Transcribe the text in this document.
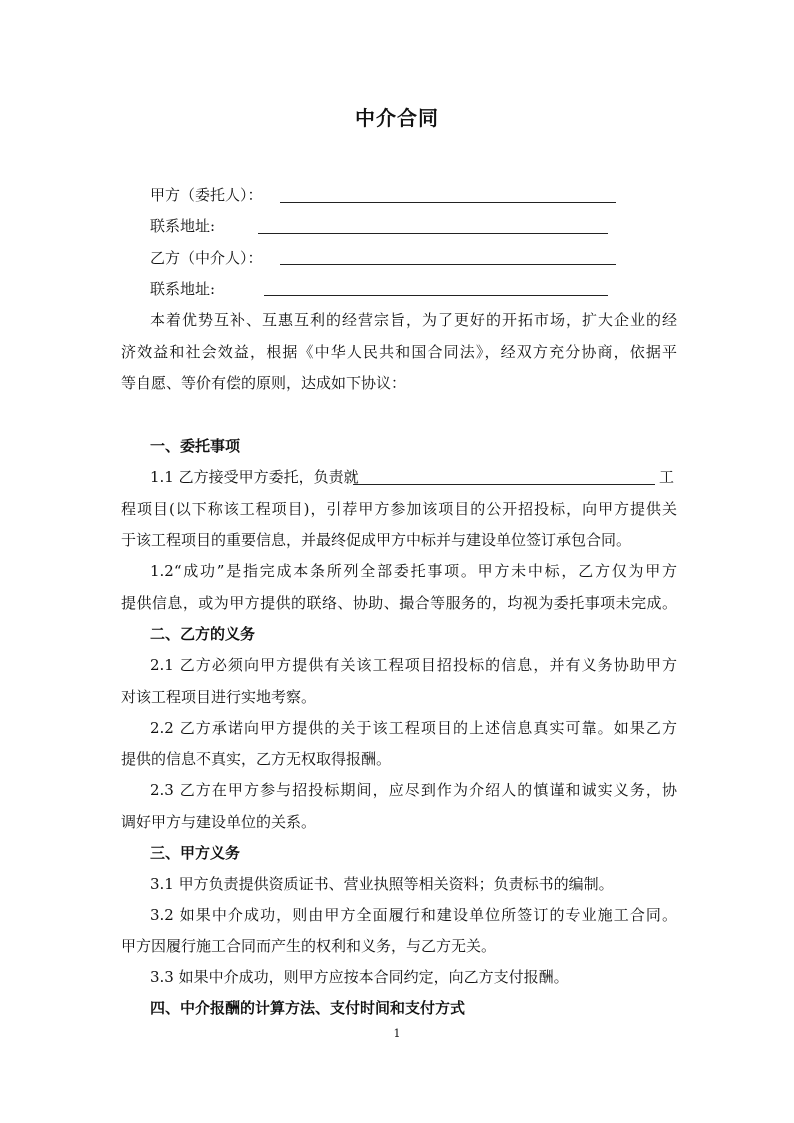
中介合同
甲方（委托人）：
联系地址:
乙方（中介人）：
联系地址:
本着优势互补、互惠互利的经营宗旨，为了更好的开拓市场，扩大企业的经
济效益和社会效益，根据《中华人民共和国合同法》，经双方充分协商，依据平
等自愿、等价有偿的原则，达成如下协议：
一、委托事项
1.1 乙方接受甲方委托，负责就	工
程项目(以下称该工程项目)，引荐甲方参加该项目的公开招投标，向甲方提供关
于该工程项目的重要信息，并最终促成甲方中标并与建设单位签订承包合同。
1.2“成功”是指完成本条所列全部委托事项。甲方未中标，乙方仅为甲方
提供信息，或为甲方提供的联络、协助、撮合等服务的，均视为委托事项未完成。
二、乙方的义务
2.1 乙方必须向甲方提供有关该工程项目招投标的信息，并有义务协助甲方
对该工程项目进行实地考察。
2.2 乙方承诺向甲方提供的关于该工程项目的上述信息真实可靠。如果乙方
提供的信息不真实，乙方无权取得报酬。
2.3 乙方在甲方参与招投标期间，应尽到作为介绍人的慎谨和诚实义务，协
调好甲方与建设单位的关系。
三、甲方义务
3.1 甲方负责提供资质证书、营业执照等相关资料；负责标书的编制。
3.2 如果中介成功，则由甲方全面履行和建设单位所签订的专业施工合同。
甲方因履行施工合同而产生的权利和义务，与乙方无关。
3.3 如果中介成功，则甲方应按本合同约定，向乙方支付报酬。
四、中介报酬的计算方法、支付时间和支付方式
1
